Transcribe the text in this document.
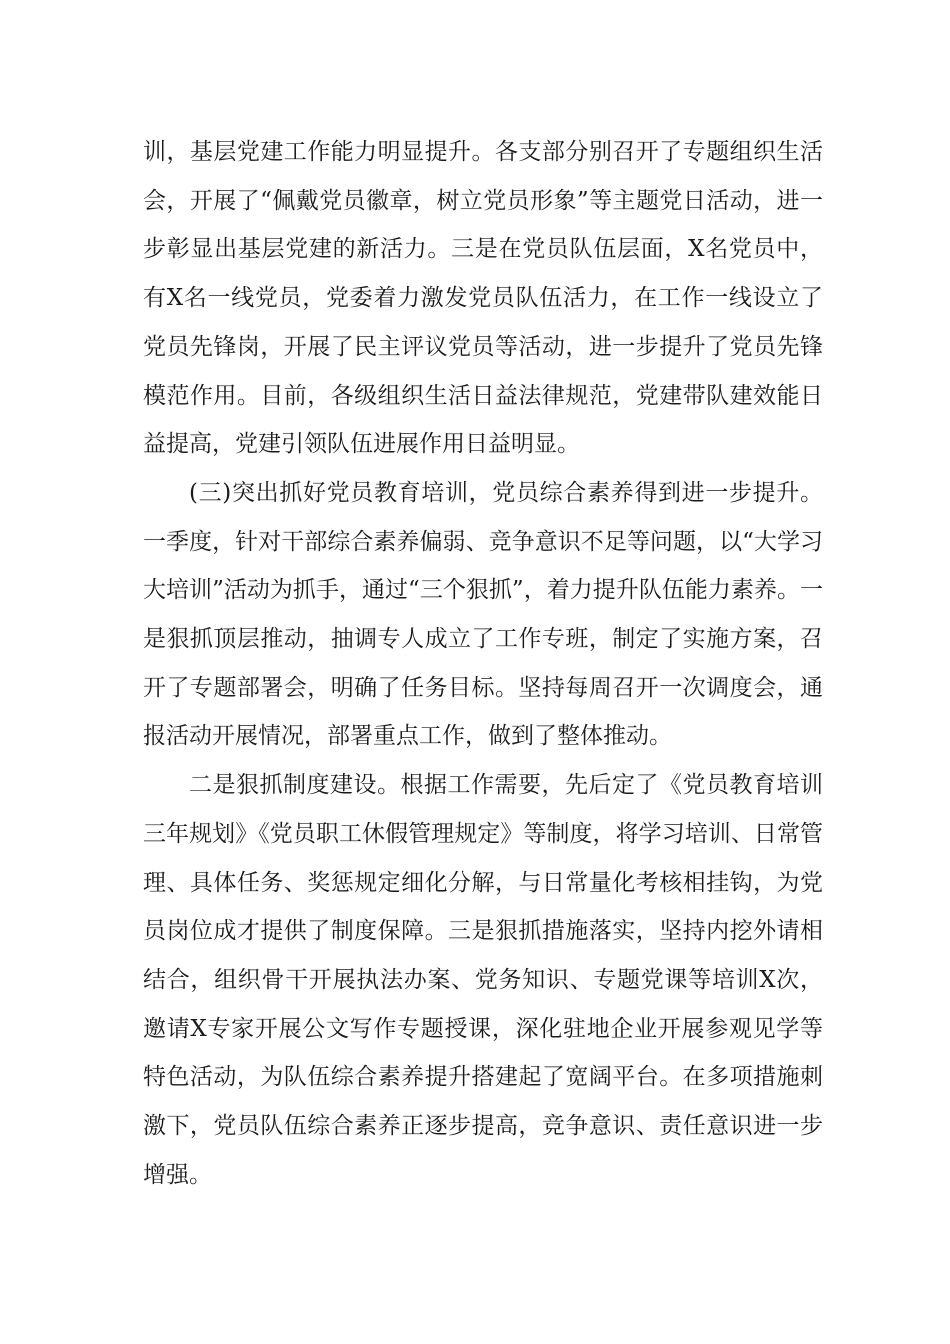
训，基层党建工作能力明显提升。各支部分别召开了专题组织生活会，开展了“佩戴党员徽章，树立党员形象”等主题党日活动，进一步彰显出基层党建的新活力。三是在党员队伍层面，X名党员中，有X名一线党员，党委着力激发党员队伍活力，在工作一线设立了党员先锋岗，开展了民主评议党员等活动，进一步提升了党员先锋模范作用。目前，各级组织生活日益法律规范，党建带队建效能日益提高，党建引领队伍进展作用日益明显。

(三)突出抓好党员教育培训，党员综合素养得到进一步提升。一季度，针对干部综合素养偏弱、竞争意识不足等问题，以“大学习大培训”活动为抓手，通过“三个狠抓”，着力提升队伍能力素养。一是狠抓顶层推动，抽调专人成立了工作专班，制定了实施方案，召开了专题部署会，明确了任务目标。坚持每周召开一次调度会，通报活动开展情况，部署重点工作，做到了整体推动。

二是狠抓制度建设。根据工作需要，先后定了《党员教育培训三年规划》《党员职工休假管理规定》等制度，将学习培训、日常管理、具体任务、奖惩规定细化分解，与日常量化考核相挂钩，为党员岗位成才提供了制度保障。三是狠抓措施落实，坚持内挖外请相结合，组织骨干开展执法办案、党务知识、专题党课等培训X次，邀请X专家开展公文写作专题授课，深化驻地企业开展参观见学等特色活动，为队伍综合素养提升搭建起了宽阔平台。在多项措施刺激下，党员队伍综合素养正逐步提高，竞争意识、责任意识进一步增强。
